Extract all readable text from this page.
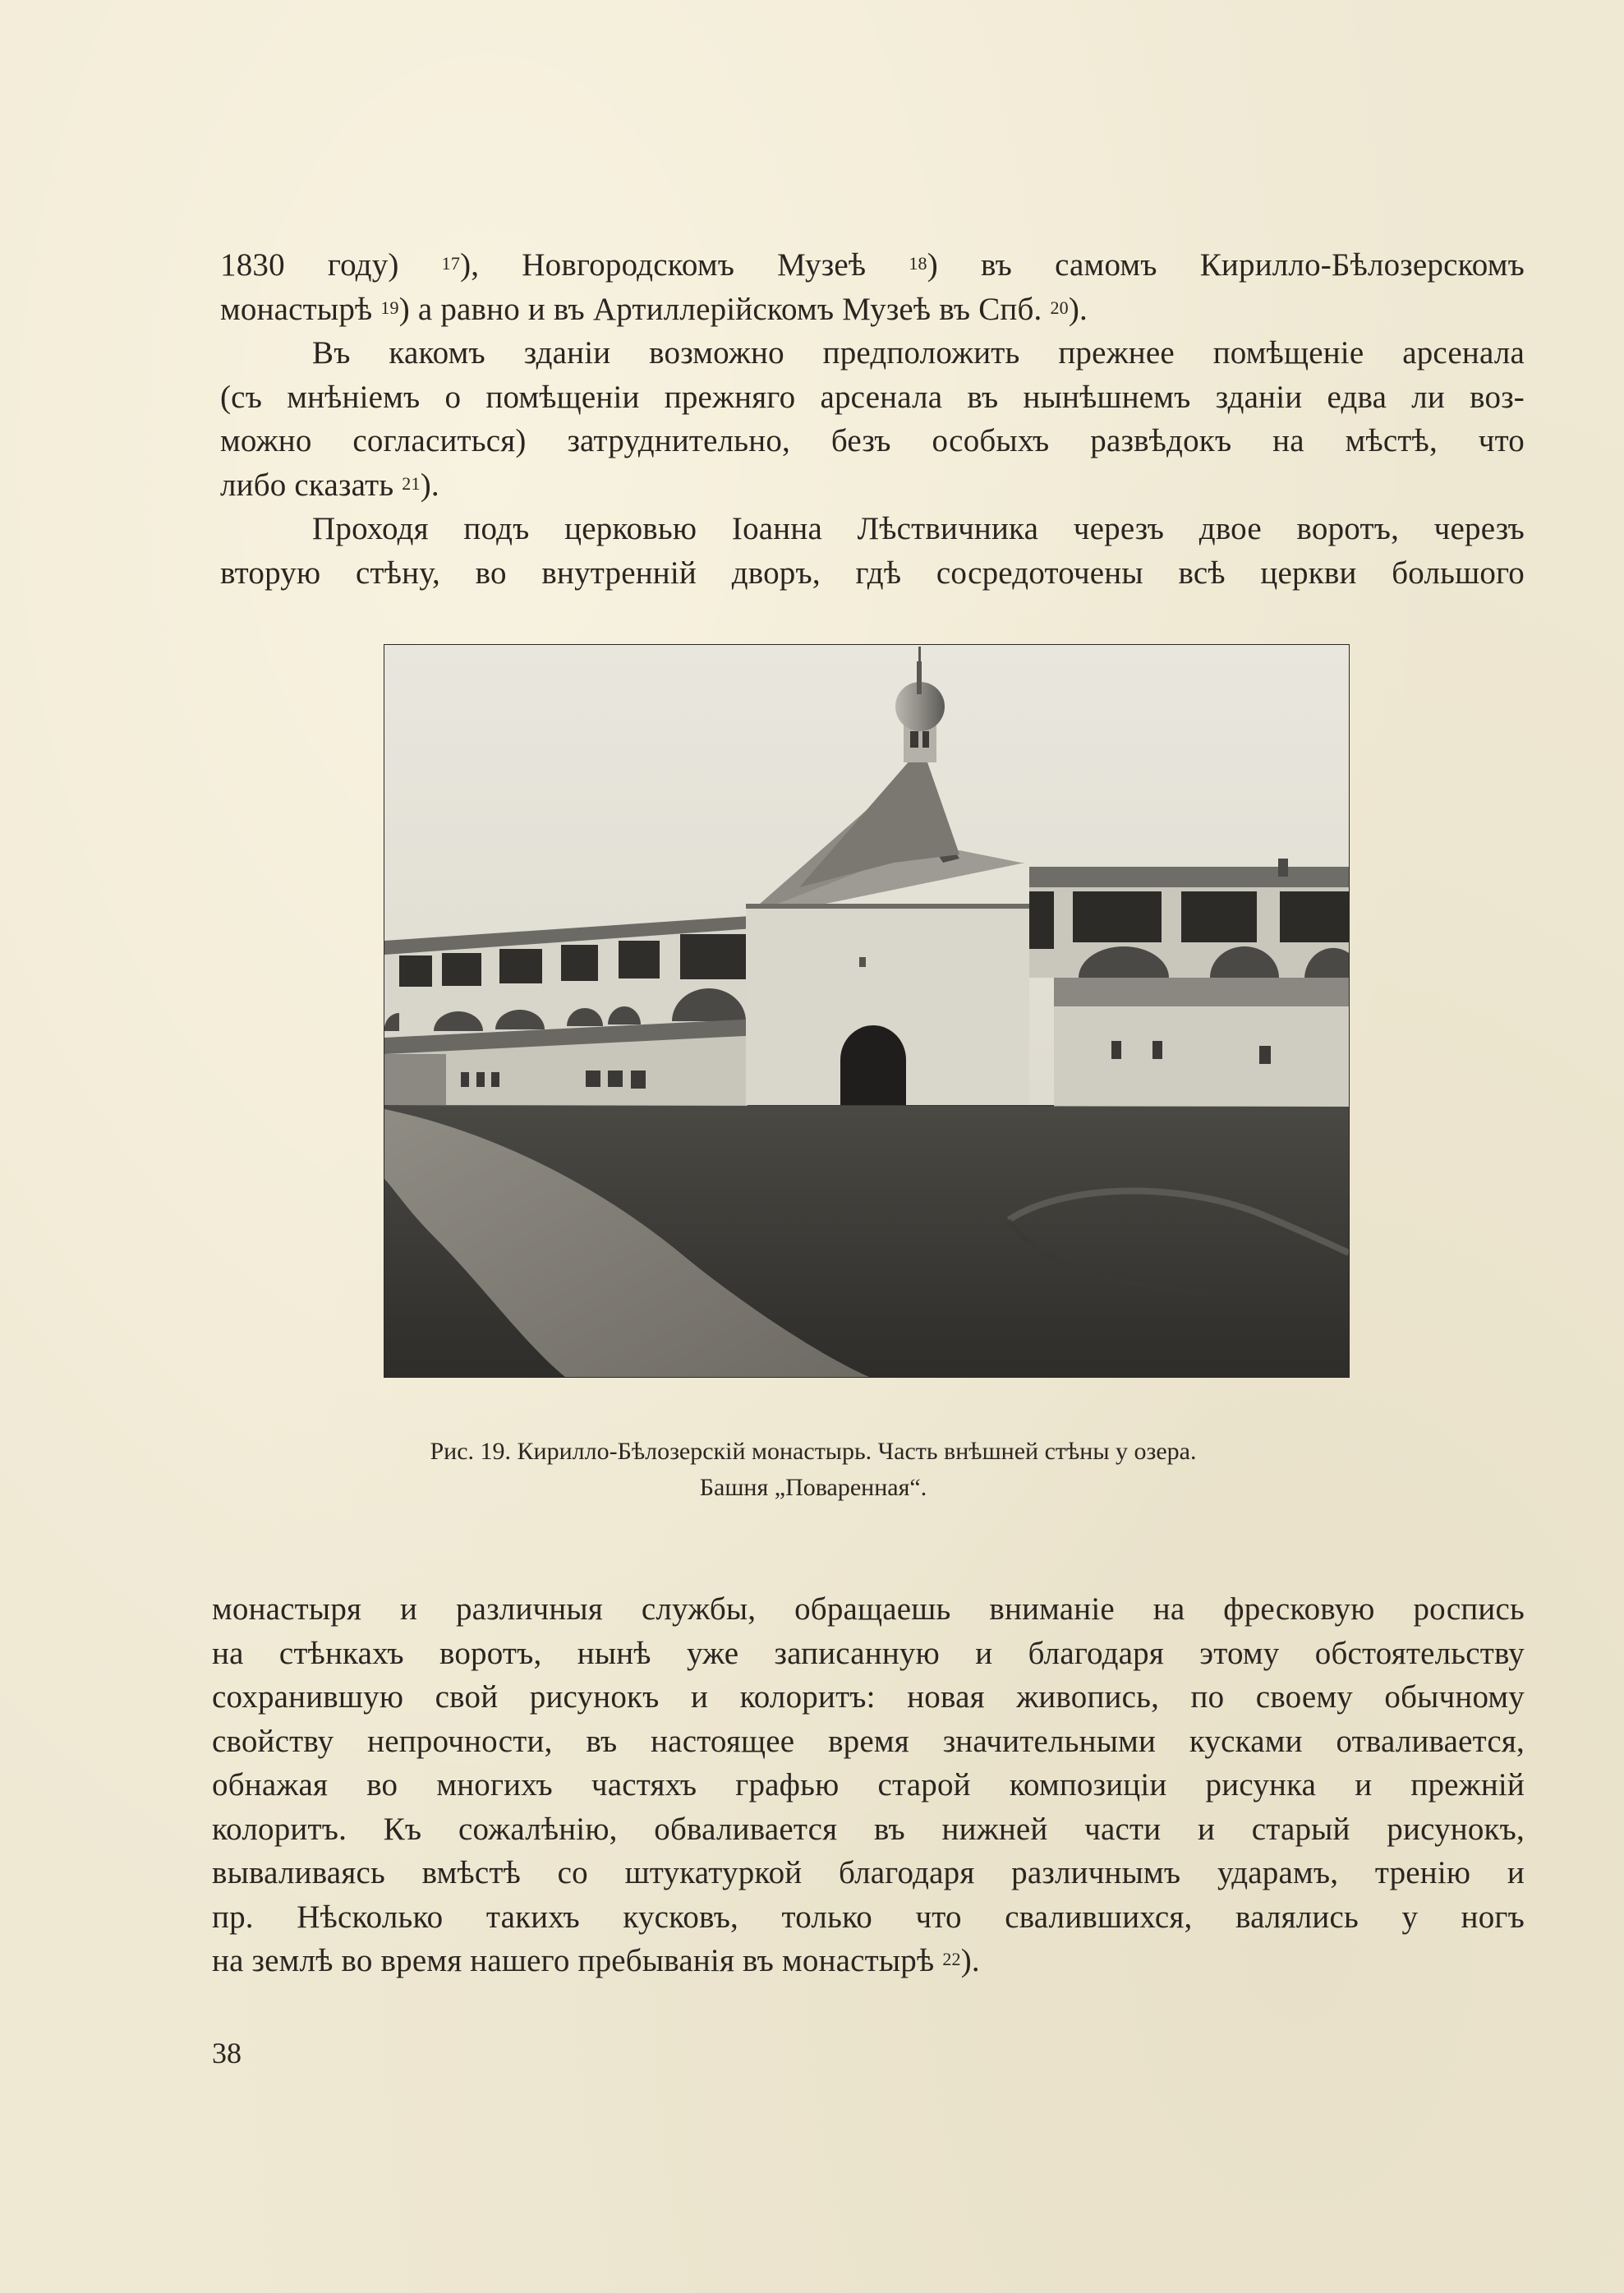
1830 году) $^{17}$), Новгородскомъ Музеѣ $^{18}$) въ самомъ Кирилло-Бѣлозерскомъ
монастырѣ $^{19}$) а равно и въ Артиллерійскомъ Музеѣ въ Спб. $^{20}$).
Въ какомъ зданіи возможно предположить прежнее помѣщеніе арсенала
(съ мнѣніемъ о помѣщеніи прежняго арсенала въ нынѣшнемъ зданіи едва ли воз-
можно согласиться) затруднительно, безъ особыхъ развѣдокъ на мѣстѣ, что
либо сказать $^{21}$).
Проходя подъ церковью Іоанна Лѣствичника черезъ двое воротъ, черезъ
вторую стѣну, во внутренній дворъ, гдѣ сосредоточены всѣ церкви большого
Рис. 19. Кирилло-Бѣлозерскій монастырь. Часть внѣшней стѣны у озера.
Башня „Поваренная“.
монастыря и различныя службы, обращаешь вниманіе на фресковую роспись
на стѣнкахъ воротъ, нынѣ уже записанную и благодаря этому обстоятельству
сохранившую свой рисунокъ и колоритъ: новая живопись, по своему обычному
свойству непрочности, въ настоящее время значительными кусками отваливается,
обнажая во многихъ частяхъ графью старой композиціи рисунка и прежній
колоритъ. Къ сожалѣнію, обваливается въ нижней части и старый рисунокъ,
вываливаясь вмѣстѣ со штукатуркой благодаря различнымъ ударамъ, тренію и
пр. Нѣсколько такихъ кусковъ, только что свалившихся, валялись у ногъ
на землѣ во время нашего пребыванія въ монастырѣ $^{22}$).
38
